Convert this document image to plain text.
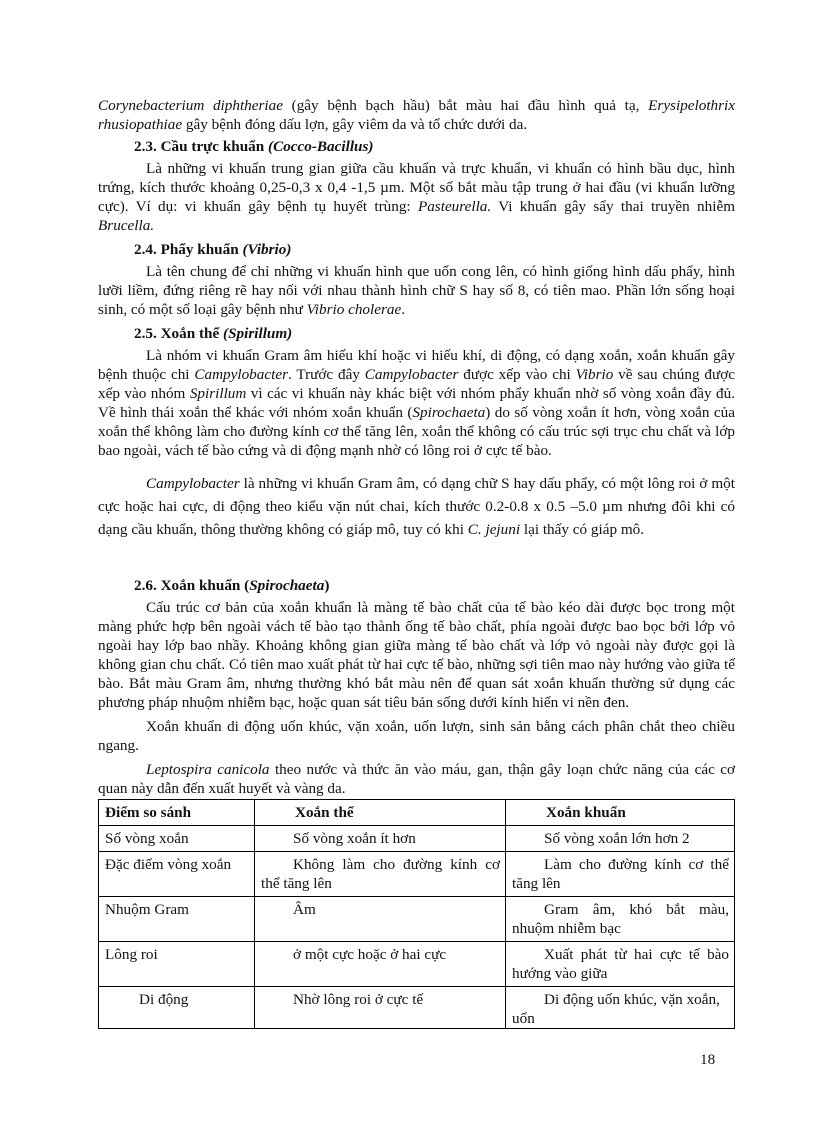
Corynebacterium diphtheriae (gây bệnh bạch hầu) bắt màu hai đầu hình quả tạ, Erysipelothrix rhusiopathiae gây bệnh đóng dấu lợn, gây viêm da và tổ chức dưới da.

2.3. Cầu trực khuẩn (Cocco-Bacillus)

Là những vi khuẩn trung gian giữa cầu khuẩn và trực khuẩn, vi khuẩn có hình bầu dục, hình trứng, kích thước khoảng 0,25-0,3 x 0,4 -1,5 µm. Một số bắt màu tập trung ở hai đầu (vi khuẩn lưỡng cực). Ví dụ: vi khuẩn gây bệnh tụ huyết trùng: Pasteurella. Vi khuẩn gây sẩy thai truyền nhiễm Brucella.

2.4. Phẩy khuẩn (Vibrio)

Là tên chung để chỉ những vi khuẩn hình que uốn cong lên, có hình giống hình dấu phẩy, hình lưỡi liềm, đứng riêng rẽ hay nối với nhau thành hình chữ S hay số 8, có tiên mao. Phần lớn sống hoại sinh, có một số loại gây bệnh như Vibrio cholerae.

2.5. Xoắn thể (Spirillum)

Là nhóm vi khuẩn Gram âm hiếu khí hoặc vi hiếu khí, di động, có dạng xoắn, xoắn khuẩn gây bệnh thuộc chi Campylobacter. Trước đây Campylobacter được xếp vào chi Vibrio về sau chúng được xếp vào nhóm Spirillum vì các vi khuẩn này khác biệt với nhóm phẩy khuẩn nhờ số vòng xoắn đầy đủ. Về hình thái xoắn thể khác với nhóm xoắn khuẩn (Spirochaeta) do số vòng xoắn ít hơn, vòng xoắn của xoắn thể không làm cho đường kính cơ thể tăng lên, xoắn thể không có cấu trúc sợi trục chu chất và lớp bao ngoài, vách tế bào cứng và di động mạnh nhờ có lông roi ở cực tế bào.

Campylobacter là những vi khuẩn Gram âm, có dạng chữ S hay dấu phẩy, có một lông roi ở một cực hoặc hai cực, di động theo kiểu vặn nút chai, kích thước 0.2-0.8 x 0.5 –5.0 µm nhưng đôi khi có dạng cầu khuẩn, thông thường không có giáp mô, tuy có khi C. jejuni lại thấy có giáp mô.

2.6. Xoắn khuẩn (Spirochaeta)

Cấu trúc cơ bản của xoắn khuẩn là màng tế bào chất của tế bào kéo dài được bọc trong một màng phức hợp bên ngoài vách tế bào tạo thành ống tế bào chất, phía ngoài được bao bọc bởi lớp vỏ ngoài hay lớp bao nhầy. Khoảng không gian giữa màng tế bào chất và lớp vỏ ngoài này được gọi là không gian chu chất. Có tiên mao xuất phát từ hai cực tế bào, những sợi tiên mao này hướng vào giữa tế bào. Bắt màu Gram âm, nhưng thường khó bắt màu nên để quan sát xoắn khuẩn thường sử dụng các phương pháp nhuộm nhiễm bạc, hoặc quan sát tiêu bản sống dưới kính hiển vi nền đen.

Xoắn khuẩn di động uốn khúc, vặn xoắn, uốn lượn, sinh sản bằng cách phân chắt theo chiều ngang.

Leptospira canicola theo nước và thức ăn vào máu, gan, thận gây loạn chức năng của các cơ quan này dẫn đến xuất huyết và vàng da.

Điểm so sánh	Xoắn thể	Xoắn khuẩn
Số vòng xoắn	Số vòng xoắn ít hơn	Số vòng xoắn lớn hơn 2
Đặc điểm vòng xoắn	Không làm cho đường kính cơ thể tăng lên	Làm cho đường kính cơ thể tăng lên
Nhuộm Gram	Âm	Gram âm, khó bắt màu, nhuộm nhiễm bạc
Lông roi	ở một cực hoặc ở hai cực	Xuất phát từ hai cực tế bào hướng vào giữa
Di động	Nhờ lông roi ở cực tế	Di động uốn khúc, vặn xoắn, uốn
18
